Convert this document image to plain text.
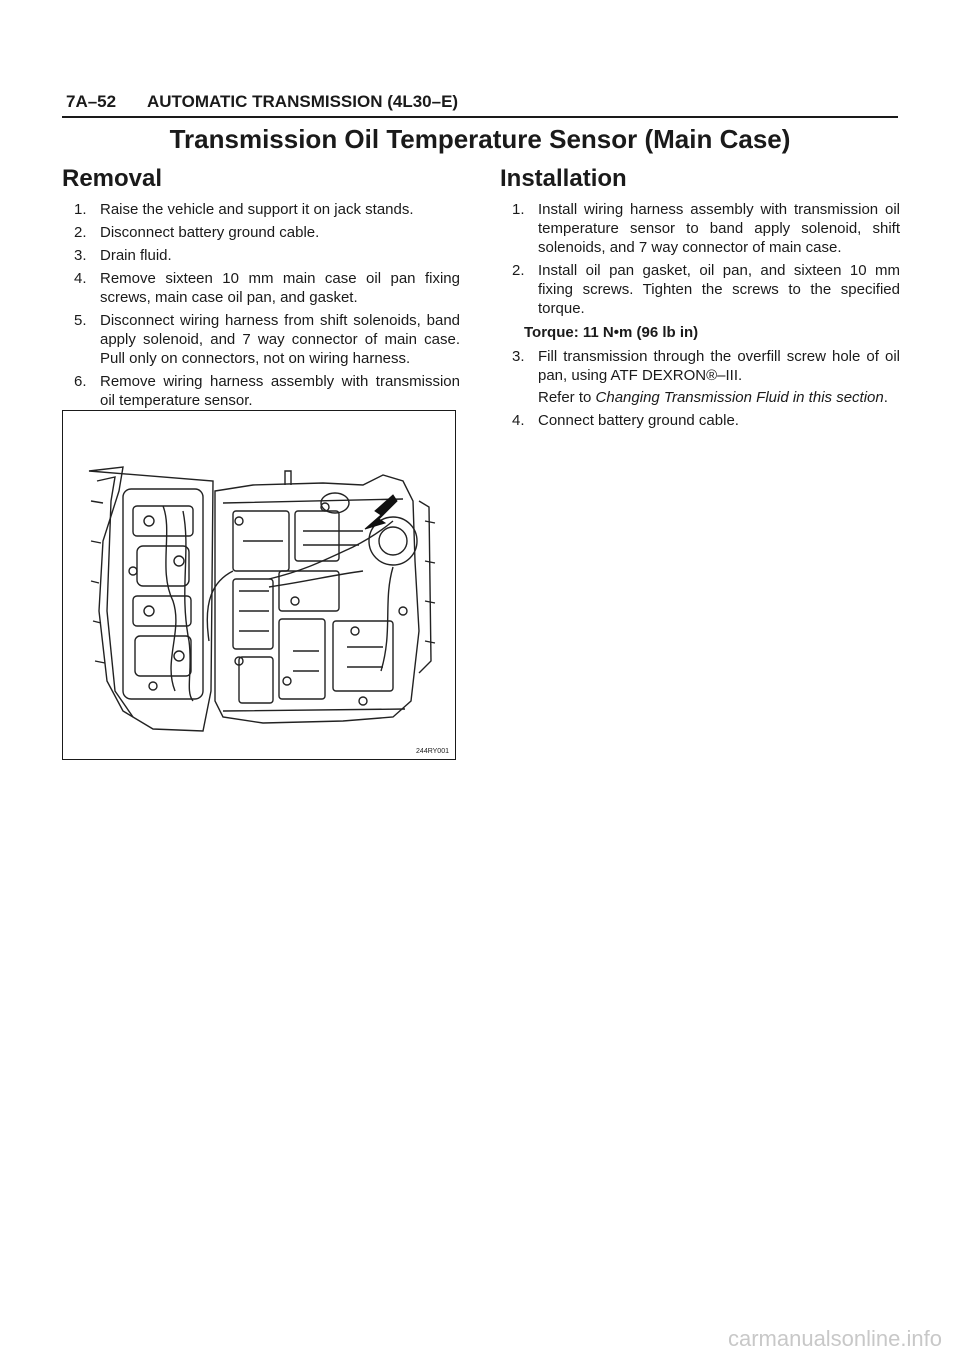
7A–52 AUTOMATIC TRANSMISSION (4L30–E)
Transmission Oil Temperature Sensor (Main Case)
Removal
1. Raise the vehicle and support it on jack stands.
2. Disconnect battery ground cable.
3. Drain fluid.
4. Remove sixteen 10 mm main case oil pan fixing screws, main case oil pan, and gasket.
5. Disconnect wiring harness from shift solenoids, band apply solenoid, and 7 way connector of main case. Pull only on connectors, not on wiring harness.
6. Remove wiring harness assembly with transmission oil temperature sensor.
244RY001
Installation
1. Install wiring harness assembly with transmission oil temperature sensor to band apply solenoid, shift solenoids, and 7 way connector of main case.
2. Install oil pan gasket, oil pan, and sixteen 10 mm fixing screws. Tighten the screws to the specified torque.
Torque: 11 N•m (96 lb in)
3. Fill transmission through the overfill screw hole of oil pan, using ATF DEXRON®–III.
Refer to Changing Transmission Fluid in this section.
4. Connect battery ground cable.
carmanualsonline.info
